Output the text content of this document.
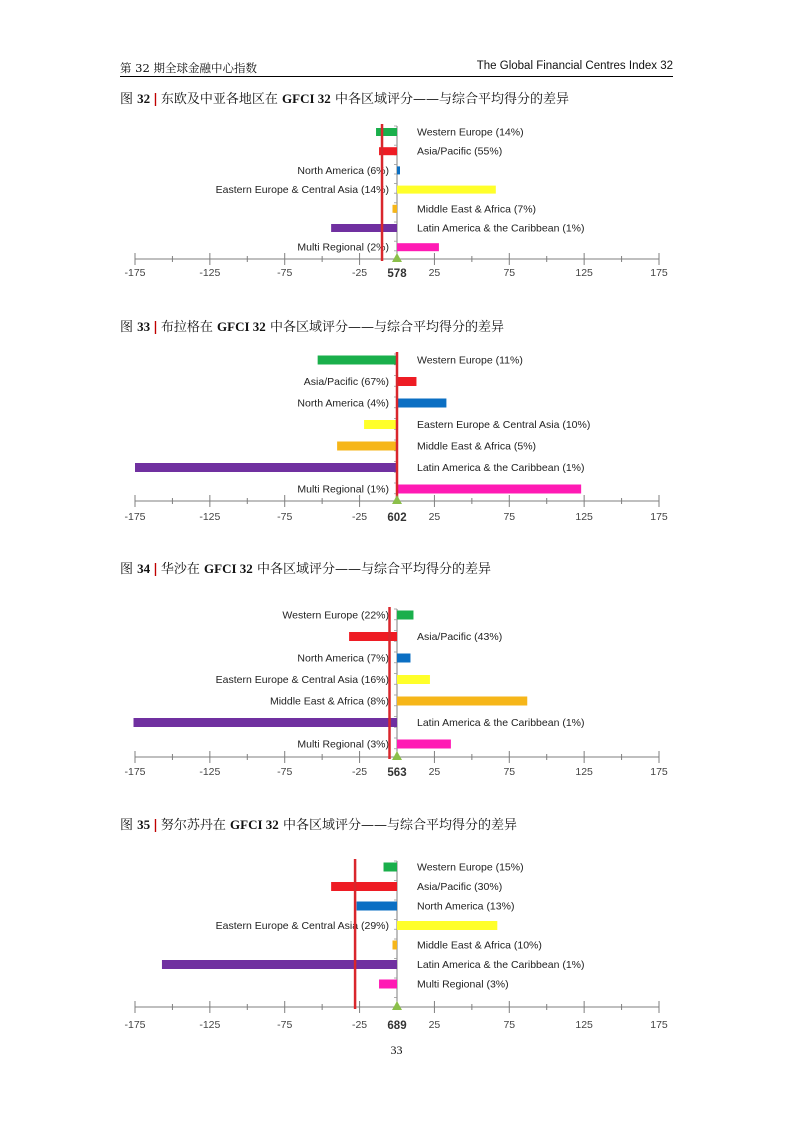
第 32 期全球金融中心指数	The Global Financial Centres Index 32
图 32 | 东欧及中亚各地区在 GFCI 32 中各区域评分——与综合平均得分的差异
-175	-125	-75	-25	25	75	125	175
Western Europe (14%)
Asia/Pacific (55%)
North America (6%)
Eastern Europe & Central Asia (14%)
Middle East & Africa (7%)
Latin America & the Caribbean (1%)
Multi Regional (2%)
578
图 33 | 布拉格在 GFCI 32 中各区域评分——与综合平均得分的差异
-175	-125	-75	-25	25	75	125	175
Western Europe (11%)
Asia/Pacific (67%)
North America (4%)
Eastern Europe & Central Asia (10%)
Middle East & Africa (5%)
Latin America & the Caribbean (1%)
Multi Regional (1%)
602
图 34 | 华沙在 GFCI 32 中各区域评分——与综合平均得分的差异
-175	-125	-75	-25	25	75	125	175
Western Europe (22%)
Asia/Pacific (43%)
North America (7%)
Eastern Europe & Central Asia (16%)
Middle East & Africa (8%)
Latin America & the Caribbean (1%)
Multi Regional (3%)
563
图 35 | 努尔苏丹在 GFCI 32 中各区域评分——与综合平均得分的差异
-175	-125	-75	-25	25	75	125	175
Western Europe (15%)
Asia/Pacific (30%)
North America (13%)
Eastern Europe & Central Asia (29%)
Middle East & Africa (10%)
Latin America & the Caribbean (1%)
Multi Regional (3%)
689
33
